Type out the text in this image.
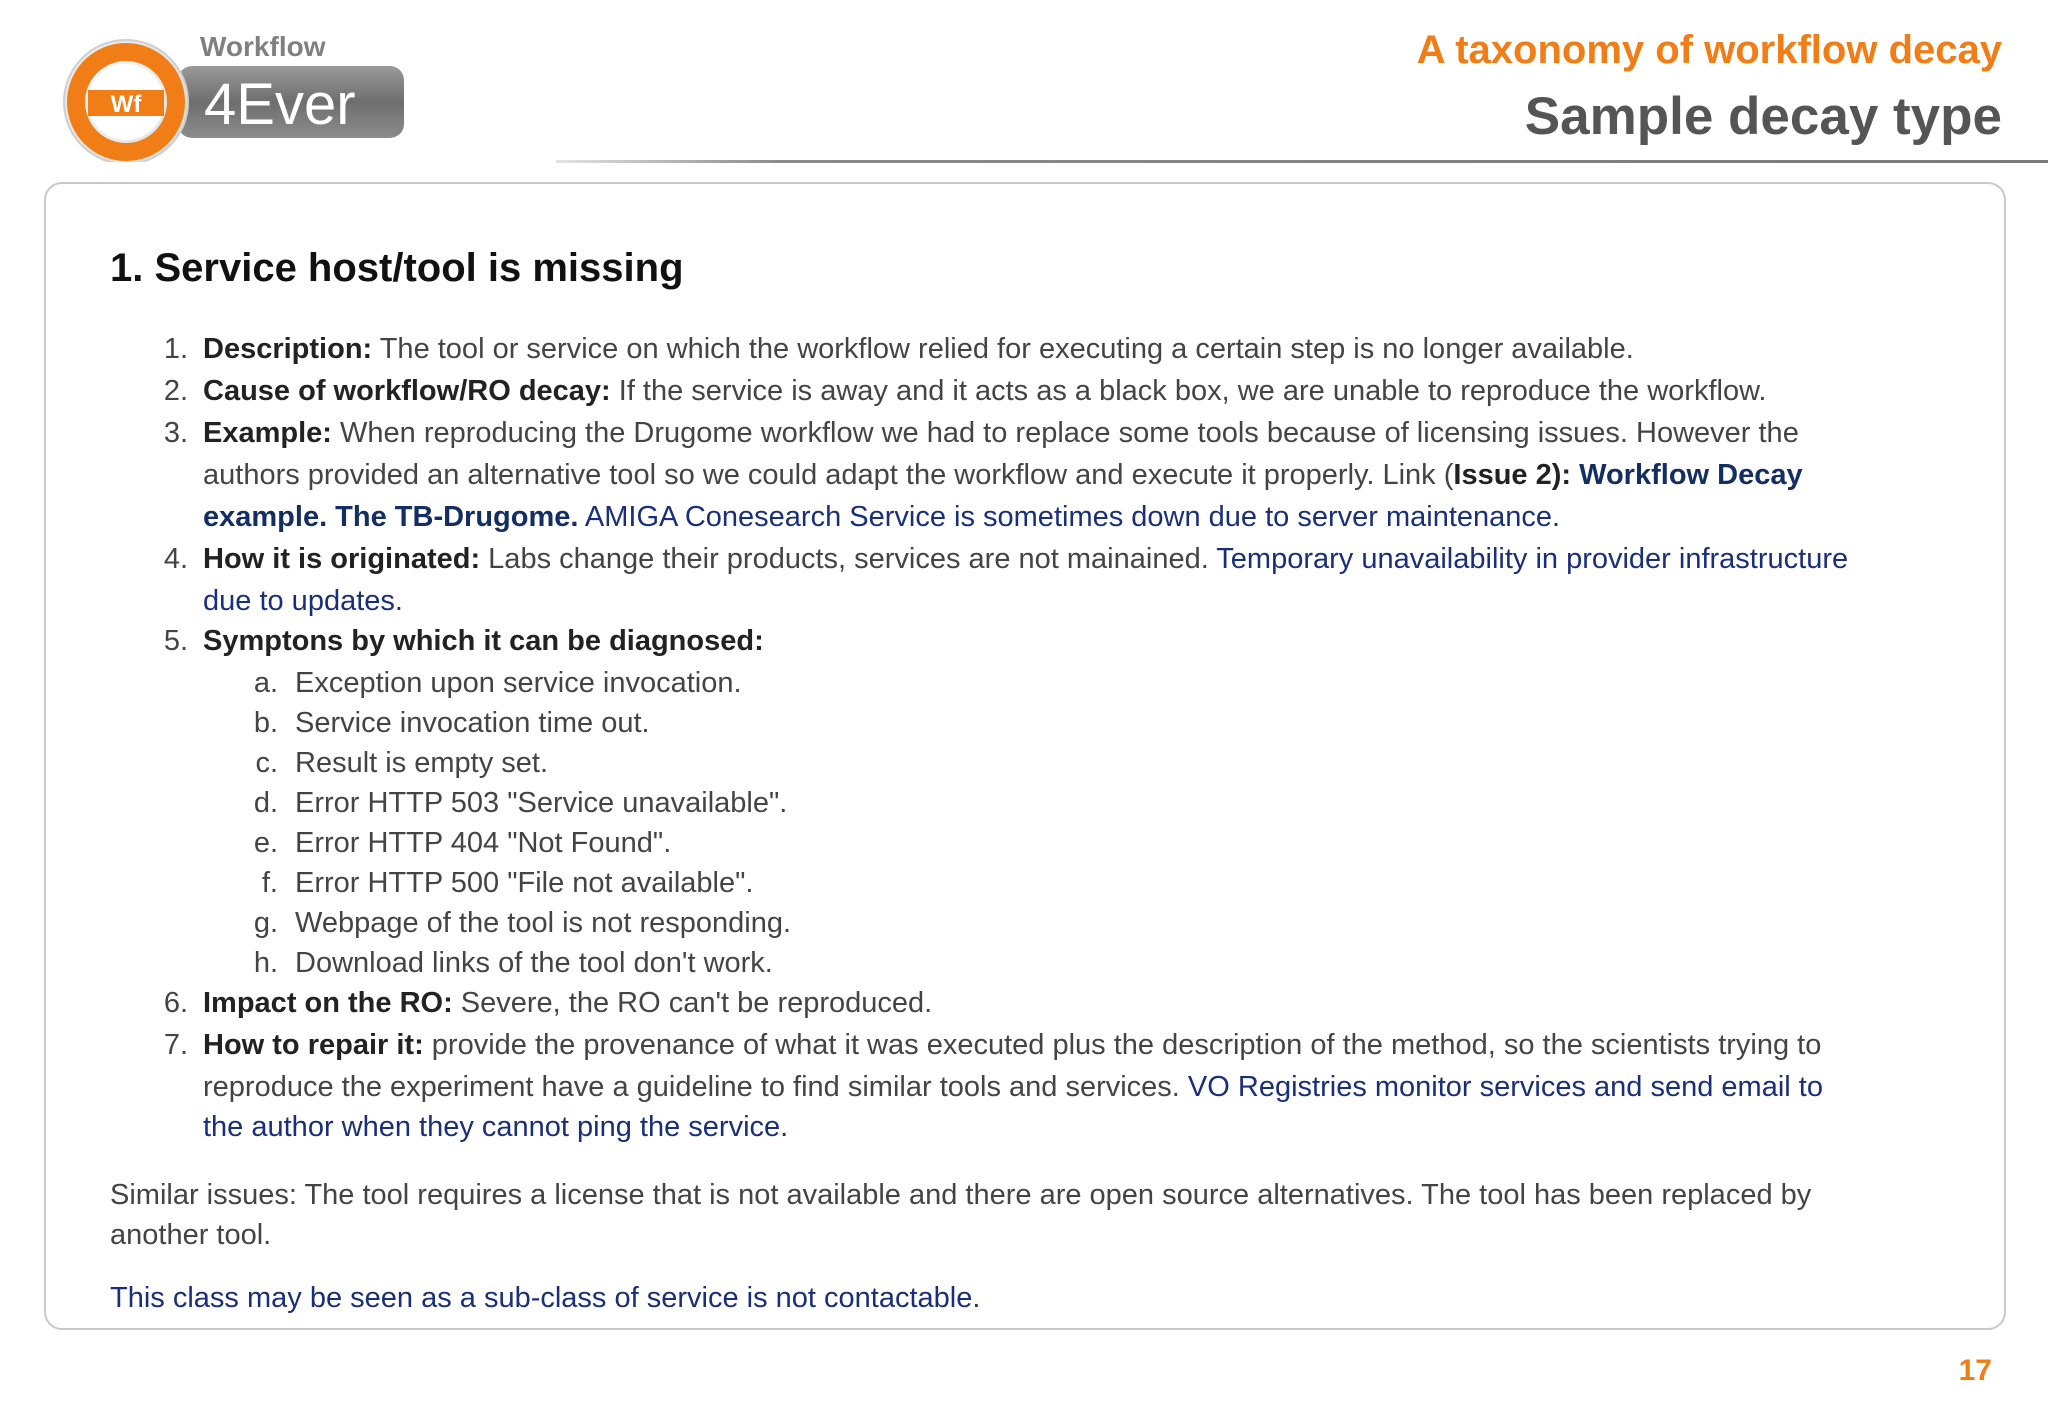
Workflow
4Ever
Wf
A taxonomy of workflow decay
Sample decay type
1. Service host/tool is missing
1. Description: The tool or service on which the workflow relied for executing a certain step is no longer available.
2. Cause of workflow/RO decay: If the service is away and it acts as a black box, we are unable to reproduce the workflow.
3. Example: When reproducing the Drugome workflow we had to replace some tools because of licensing issues. However the
authors provided an alternative tool so we could adapt the workflow and execute it properly. Link (Issue 2): Workflow Decay
example. The TB-Drugome. AMIGA Conesearch Service is sometimes down due to server maintenance.
4. How it is originated: Labs change their products, services are not mainained. Temporary unavailability in provider infrastructure
due to updates.
5. Symptons by which it can be diagnosed:
a. Exception upon service invocation.
b. Service invocation time out.
c. Result is empty set.
d. Error HTTP 503 "Service unavailable".
e. Error HTTP 404 "Not Found".
f. Error HTTP 500 "File not available".
g. Webpage of the tool is not responding.
h. Download links of the tool don't work.
6. Impact on the RO: Severe, the RO can't be reproduced.
7. How to repair it: provide the provenance of what it was executed plus the description of the method, so the scientists trying to
reproduce the experiment have a guideline to find similar tools and services. VO Registries monitor services and send email to
the author when they cannot ping the service.
Similar issues: The tool requires a license that is not available and there are open source alternatives. The tool has been replaced by
another tool.
This class may be seen as a sub-class of service is not contactable.
17
